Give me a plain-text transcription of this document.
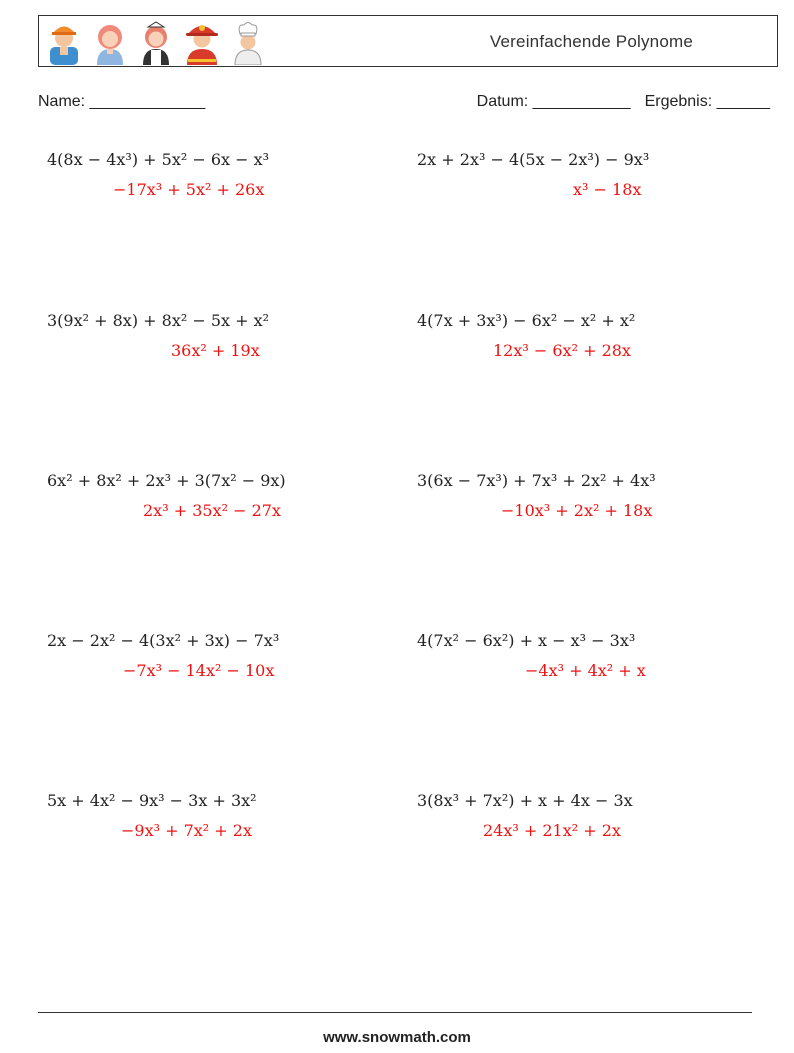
Vereinfachende Polynome
Name: _____________	Datum: ___________ Ergebnis: ______
4(8x − 4x³) + 5x² − 6x − x³
−17x³ + 5x² + 26x
2x + 2x³ − 4(5x − 2x³) − 9x³
x³ − 18x
3(9x² + 8x) + 8x² − 5x + x²
36x² + 19x
4(7x + 3x³) − 6x² − x² + x²
12x³ − 6x² + 28x
6x² + 8x² + 2x³ + 3(7x² − 9x)
2x³ + 35x² − 27x
3(6x − 7x³) + 7x³ + 2x² + 4x³
−10x³ + 2x² + 18x
2x − 2x² − 4(3x² + 3x) − 7x³
−7x³ − 14x² − 10x
4(7x² − 6x²) + x − x³ − 3x³
−4x³ + 4x² + x
5x + 4x² − 9x³ − 3x + 3x²
−9x³ + 7x² + 2x
3(8x³ + 7x²) + x + 4x − 3x
24x³ + 21x² + 2x
www.snowmath.com
